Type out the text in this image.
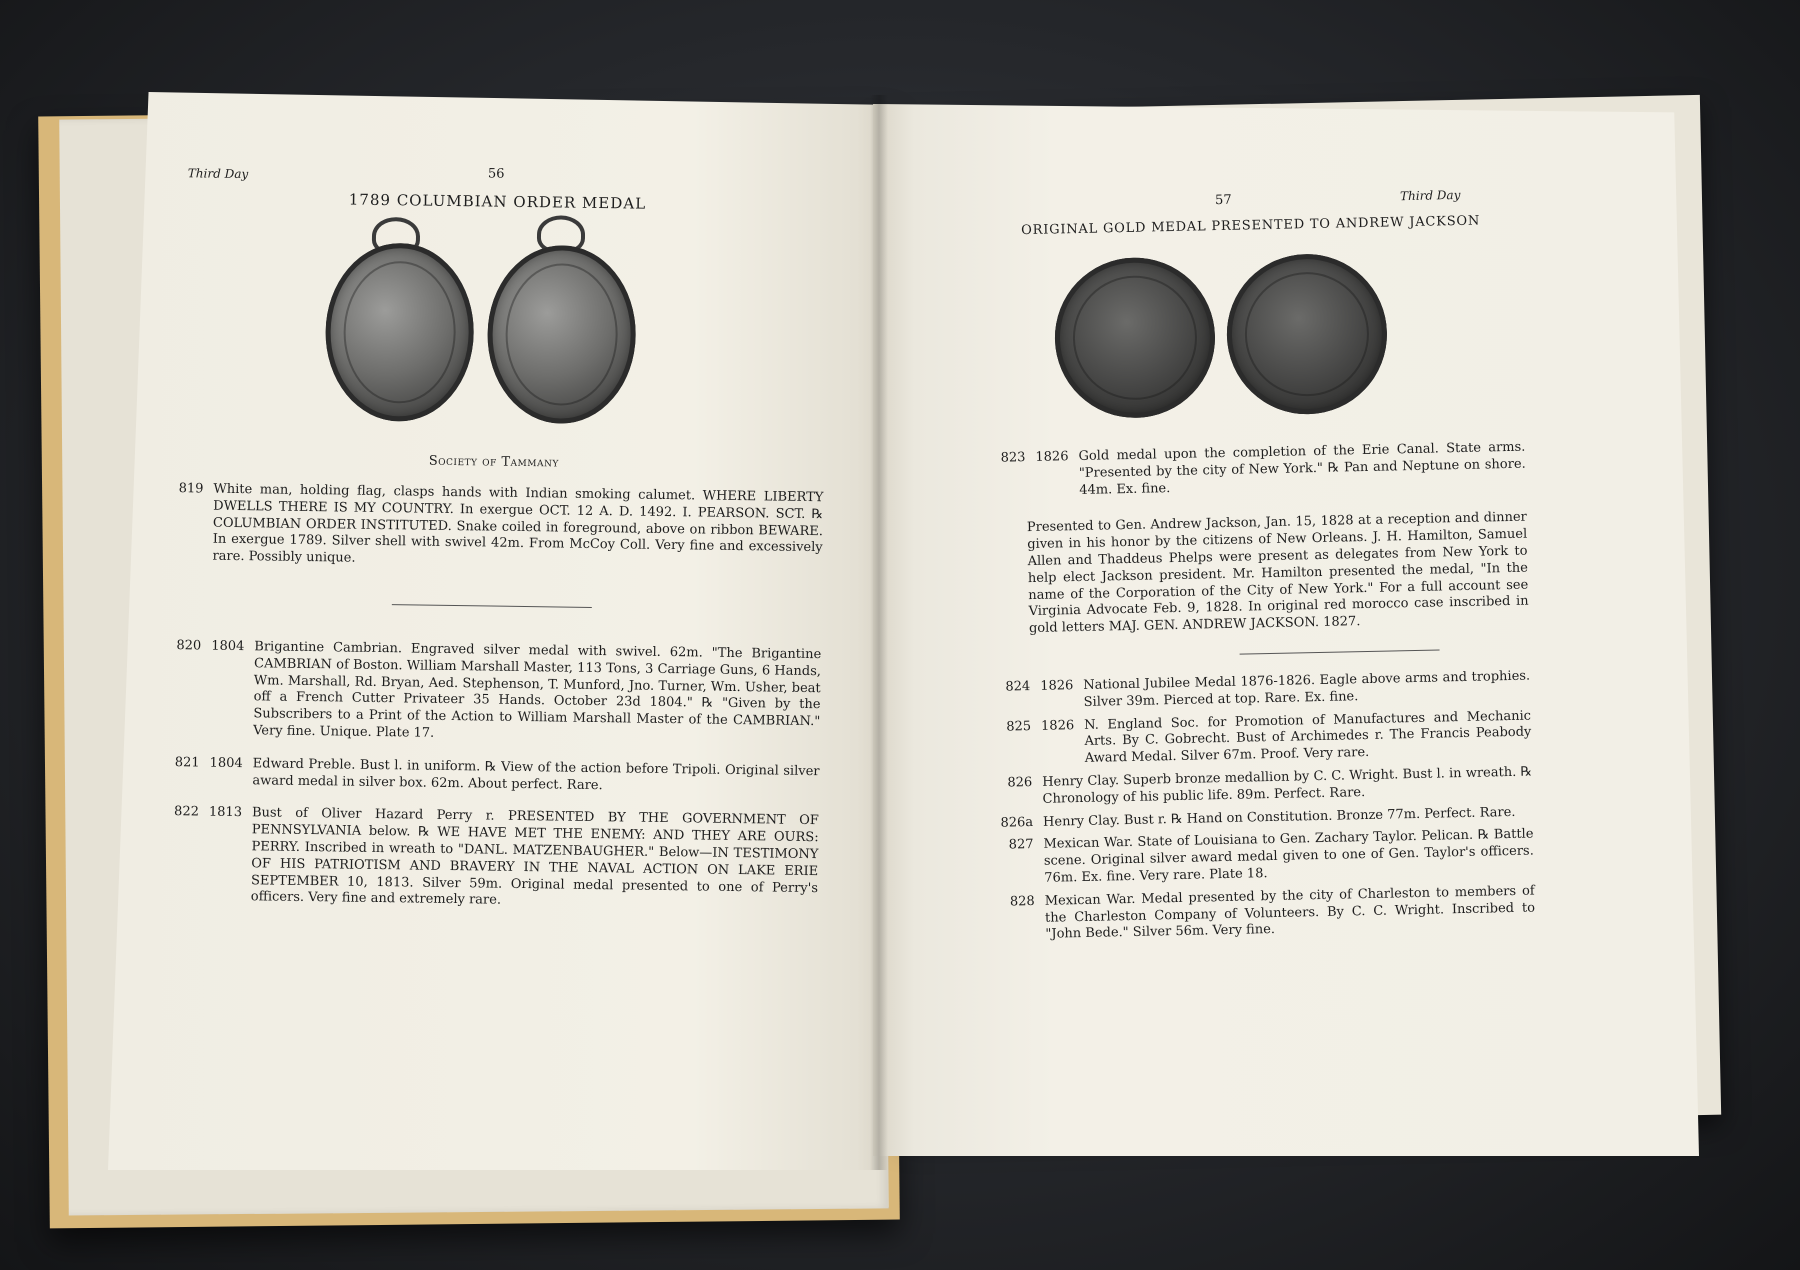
Third Day	56
1789 COLUMBIAN ORDER MEDAL
Society of Tammany
819 White man, holding flag, clasps hands with Indian smoking calumet. WHERE LIBERTY DWELLS THERE IS MY COUNTRY. In exergue OCT. 12 A. D. 1492. I. PEARSON. SCT. ℞ COLUMBIAN ORDER INSTITUTED. Snake coiled in foreground, above on ribbon BEWARE. In exergue 1789. Silver shell with swivel 42m. From McCoy Coll. Very fine and excessively rare. Possibly unique.
820 1804 Brigantine Cambrian. Engraved silver medal with swivel. 62m. "The Brigantine CAMBRIAN of Boston. William Marshall Master, 113 Tons, 3 Carriage Guns, 6 Hands, Wm. Marshall, Rd. Bryan, Aed. Stephenson, T. Munford, Jno. Turner, Wm. Usher, beat off a French Cutter Privateer 35 Hands. October 23d 1804." ℞ "Given by the Subscribers to a Print of the Action to William Marshall Master of the CAMBRIAN." Very fine. Unique. Plate 17.
821 1804 Edward Preble. Bust l. in uniform. ℞ View of the action before Tripoli. Original silver award medal in silver box. 62m. About perfect. Rare.
822 1813 Bust of Oliver Hazard Perry r. PRESENTED BY THE GOVERNMENT OF PENNSYLVANIA below. ℞ WE HAVE MET THE ENEMY: AND THEY ARE OURS: PERRY. Inscribed in wreath to "DANL. MATZENBAUGHER." Below—IN TESTIMONY OF HIS PATRIOTISM AND BRAVERY IN THE NAVAL ACTION ON LAKE ERIE SEPTEMBER 10, 1813. Silver 59m. Original medal presented to one of Perry's officers. Very fine and extremely rare.
57	Third Day
ORIGINAL GOLD MEDAL PRESENTED TO ANDREW JACKSON
823 1826 Gold medal upon the completion of the Erie Canal. State arms. "Presented by the city of New York." ℞ Pan and Neptune on shore. 44m. Ex. fine.
Presented to Gen. Andrew Jackson, Jan. 15, 1828 at a reception and dinner given in his honor by the citizens of New Orleans. J. H. Hamilton, Samuel Allen and Thaddeus Phelps were present as delegates from New York to help elect Jackson president. Mr. Hamilton presented the medal, "In the name of the Corporation of the City of New York." For a full account see Virginia Advocate Feb. 9, 1828. In original red morocco case inscribed in gold letters MAJ. GEN. ANDREW JACKSON. 1827.
824 1826 National Jubilee Medal 1876-1826. Eagle above arms and trophies. Silver 39m. Pierced at top. Rare. Ex. fine.
825 1826 N. England Soc. for Promotion of Manufactures and Mechanic Arts. By C. Gobrecht. Bust of Archimedes r. The Francis Peabody Award Medal. Silver 67m. Proof. Very rare.
826 Henry Clay. Superb bronze medallion by C. C. Wright. Bust l. in wreath. ℞ Chronology of his public life. 89m. Perfect. Rare.
826a Henry Clay. Bust r. ℞ Hand on Constitution. Bronze 77m. Perfect. Rare.
827 Mexican War. State of Louisiana to Gen. Zachary Taylor. Pelican. ℞ Battle scene. Original silver award medal given to one of Gen. Taylor's officers. 76m. Ex. fine. Very rare. Plate 18.
828 Mexican War. Medal presented by the city of Charleston to members of the Charleston Company of Volunteers. By C. C. Wright. Inscribed to "John Bede." Silver 56m. Very fine.
